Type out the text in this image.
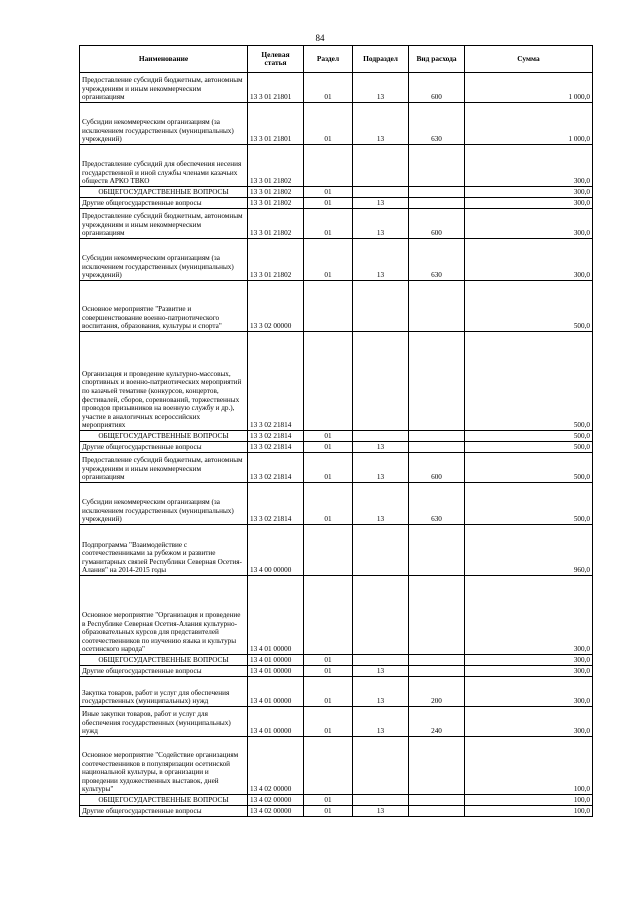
84
Наименование	Целевая статья	Раздел	Подраздел	Вид расхода	Сумма
Предоставление субсидий бюджетным, автономным учреждениям и иным некоммерческим организациям	13 3 01 21801	01	13	600	1 000,0
Субсидии некоммерческим организациям (за исключением государственных (муниципальных) учреждений)	13 3 01 21801	01	13	630	1 000,0
Предоставление субсидий для обеспечения несения государственной и иной службы членами казачьих обществ АРКО ТВКО	13 3 01 21802				300,0
ОБЩЕГОСУДАРСТВЕННЫЕ ВОПРОСЫ	13 3 01 21802	01			300,0
Другие общегосударственные вопросы	13 3 01 21802	01	13		300,0
Предоставление субсидий бюджетным, автономным учреждениям и иным некоммерческим организациям	13 3 01 21802	01	13	600	300,0
Субсидии некоммерческим организациям (за исключением государственных (муниципальных) учреждений)	13 3 01 21802	01	13	630	300,0
Основное мероприятие "Развитие и совершенствование военно-патриотического воспитания, образования, культуры и спорта"	13 3 02 00000				500,0
Организация и проведение культурно-массовых, спортивных и военно-патриотических мероприятий по казачьей тематике (конкурсов, концертов, фестивалей, сборов, соревнований, торжественных проводов призывников на военную службу и др.), участие в аналогичных всероссийских мероприятиях	13 3 02 21814				500,0
ОБЩЕГОСУДАРСТВЕННЫЕ ВОПРОСЫ	13 3 02 21814	01			500,0
Другие общегосударственные вопросы	13 3 02 21814	01	13		500,0
Предоставление субсидий бюджетным, автономным учреждениям и иным некоммерческим организациям	13 3 02 21814	01	13	600	500,0
Субсидии некоммерческим организациям (за исключением государственных (муниципальных) учреждений)	13 3 02 21814	01	13	630	500,0
Подпрограмма "Взаимодействие с соотечественниками за рубежом и развитие гуманитарных связей Республики Северная Осетия-Алания" на 2014-2015 годы	13 4 00 00000				960,0
Основное мероприятие "Организация и проведение в Республике Северная Осетия-Алания культурно-образовательных курсов для представителей соотечественников по изучению языка и культуры осетинского народа"	13 4 01 00000				300,0
ОБЩЕГОСУДАРСТВЕННЫЕ ВОПРОСЫ	13 4 01 00000	01			300,0
Другие общегосударственные вопросы	13 4 01 00000	01	13		300,0
Закупка товаров, работ и услуг для обеспечения государственных (муниципальных) нужд	13 4 01 00000	01	13	200	300,0
Иные закупки товаров, работ и услуг для обеспечения государственных (муниципальных) нужд	13 4 01 00000	01	13	240	300,0
Основное мероприятие "Содействие организациям соотечественников в популяризации осетинской национальной культуры, в организации и проведении художественных выставок, дней культуры"	13 4 02 00000				100,0
ОБЩЕГОСУДАРСТВЕННЫЕ ВОПРОСЫ	13 4 02 00000	01			100,0
Другие общегосударственные вопросы	13 4 02 00000	01	13		100,0
